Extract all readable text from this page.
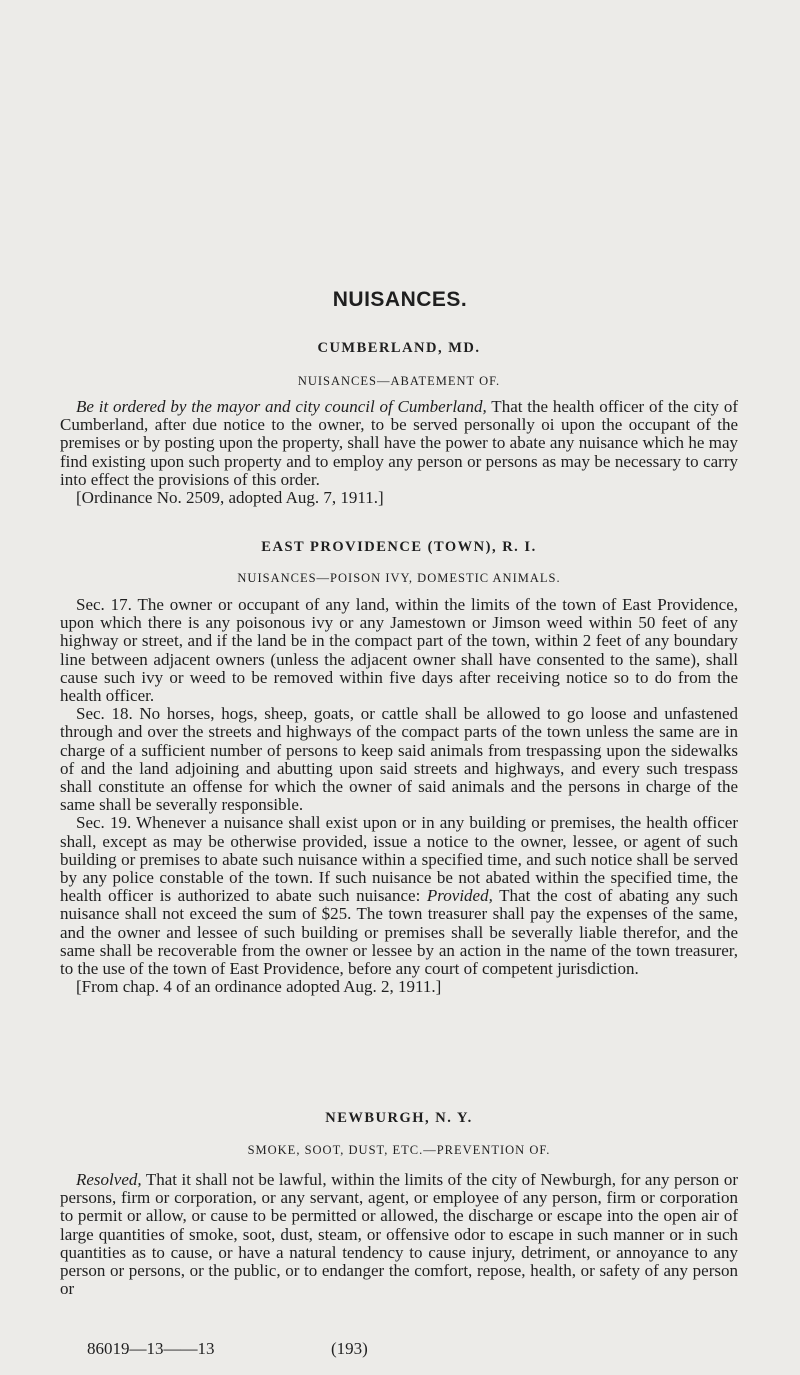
NUISANCES.
CUMBERLAND, MD.
NUISANCES—ABATEMENT OF.

Be it ordered by the mayor and city council of Cumberland, That the health officer of the city of Cumberland, after due notice to the owner, to be served personally oi upon the occupant of the premises or by posting upon the property, shall have the power to abate any nuisance which he may find existing upon such property and to employ any person or persons as may be necessary to carry into effect the provisions of this order.

[Ordinance No. 2509, adopted Aug. 7, 1911.]

EAST PROVIDENCE (TOWN), R. I.
NUISANCES—POISON IVY, DOMESTIC ANIMALS.

Sec. 17. The owner or occupant of any land, within the limits of the town of East Providence, upon which there is any poisonous ivy or any Jamestown or Jimson weed within 50 feet of any highway or street, and if the land be in the compact part of the town, within 2 feet of any boundary line between adjacent owners (unless the adjacent owner shall have consented to the same), shall cause such ivy or weed to be removed within five days after receiving notice so to do from the health officer.

Sec. 18. No horses, hogs, sheep, goats, or cattle shall be allowed to go loose and unfastened through and over the streets and highways of the compact parts of the town unless the same are in charge of a sufficient number of persons to keep said animals from trespassing upon the sidewalks of and the land adjoining and abutting upon said streets and highways, and every such trespass shall constitute an offense for which the owner of said animals and the persons in charge of the same shall be severally responsible.

Sec. 19. Whenever a nuisance shall exist upon or in any building or premises, the health officer shall, except as may be otherwise provided, issue a notice to the owner, lessee, or agent of such building or premises to abate such nuisance within a specified time, and such notice shall be served by any police constable of the town. If such nuisance be not abated within the specified time, the health officer is authorized to abate such nuisance: Provided, That the cost of abating any such nuisance shall not exceed the sum of $25. The town treasurer shall pay the expenses of the same, and the owner and lessee of such building or premises shall be severally liable therefor, and the same shall be recoverable from the owner or lessee by an action in the name of the town treasurer, to the use of the town of East Providence, before any court of competent jurisdiction.

[From chap. 4 of an ordinance adopted Aug. 2, 1911.]

NEWBURGH, N. Y.
SMOKE, SOOT, DUST, ETC.—PREVENTION OF.

Resolved, That it shall not be lawful, within the limits of the city of Newburgh, for any person or persons, firm or corporation, or any servant, agent, or employee of any person, firm or corporation to permit or allow, or cause to be permitted or allowed, the discharge or escape into the open air of large quantities of smoke, soot, dust, steam, or offensive odor to escape in such manner or in such quantities as to cause, or have a natural tendency to cause injury, detriment, or annoyance to any person or persons, or the public, or to endanger the comfort, repose, health, or safety of any person or

86019—13——13	(193)
